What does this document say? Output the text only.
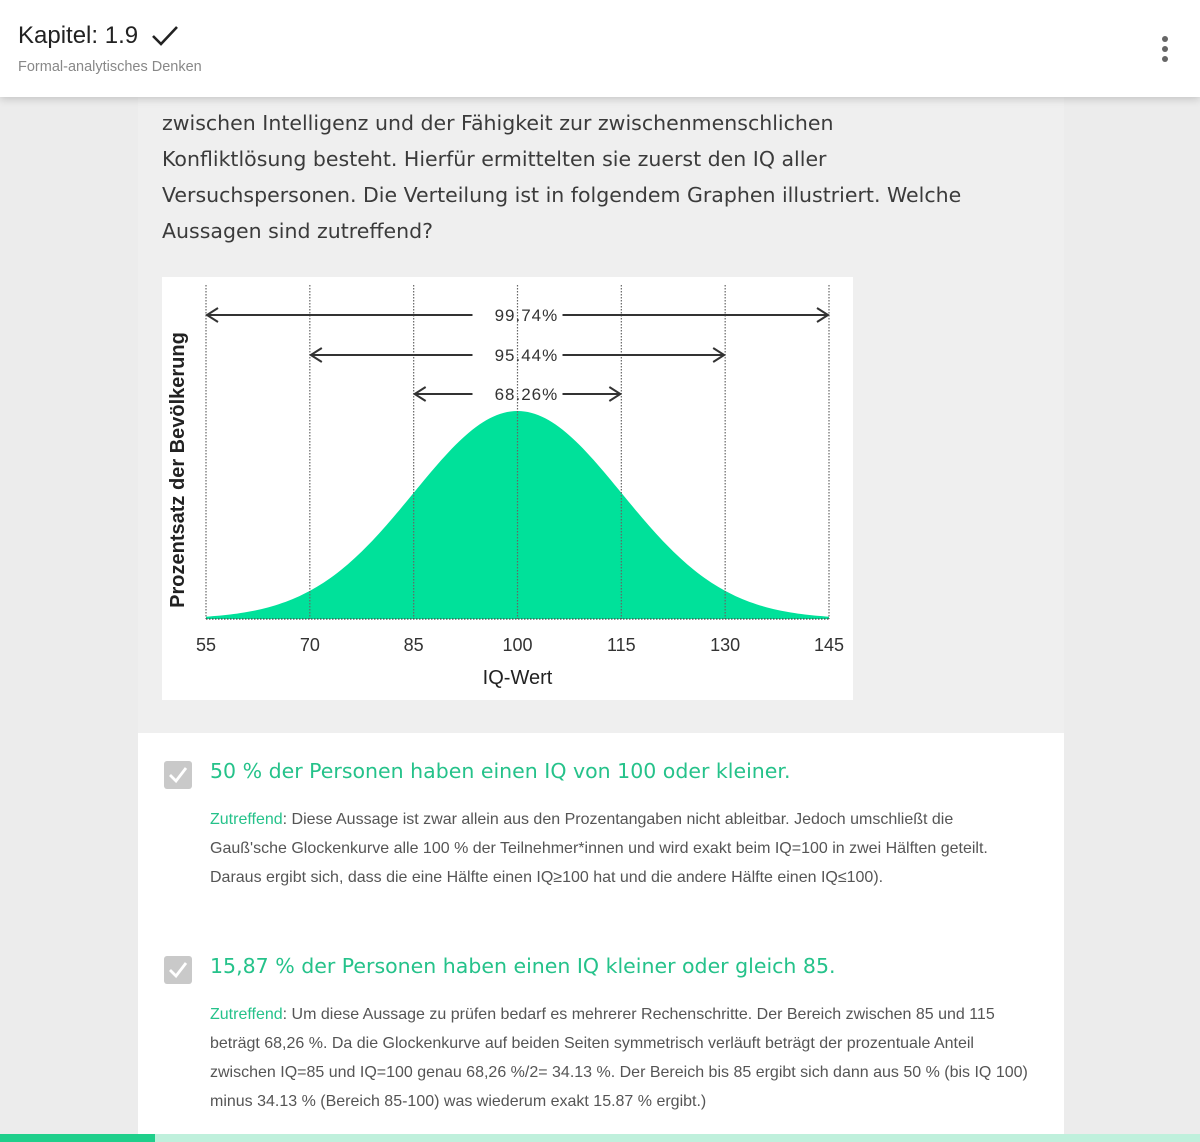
Kapitel: 1.9
Formal-analytisches Denken

zwischen Intelligenz und der Fähigkeit zur zwischenmenschlichen

Konfliktlösung besteht. Hierfür ermittelten sie zuerst den IQ aller

Versuchspersonen. Die Verteilung ist in folgendem Graphen illustriert. Welche

Aussagen sind zutreffend?

55	70	85	100	115	130	145
IQ-Wert
Prozentsatz der Bevölkerung
99 .74%
95 .44%
68 .26%
50 % der Personen haben einen IQ von 100 oder kleiner.
Zutreffend: Diese Aussage ist zwar allein aus den Prozentangaben nicht ableitbar. Jedoch umschließt die Gauß'sche Glockenkurve alle 100 % der Teilnehmer*innen und wird exakt beim IQ=100 in zwei Hälften geteilt. Daraus ergibt sich, dass die eine Hälfte einen IQ≥100 hat und die andere Hälfte einen IQ≤100).
15,87 % der Personen haben einen IQ kleiner oder gleich 85.
Zutreffend: Um diese Aussage zu prüfen bedarf es mehrerer Rechenschritte. Der Bereich zwischen 85 und 115 beträgt 68,26 %. Da die Glockenkurve auf beiden Seiten symmetrisch verläuft beträgt der prozentuale Anteil zwischen IQ=85 und IQ=100 genau 68,26 %/2= 34.13 %. Der Bereich bis 85 ergibt sich dann aus 50 % (bis IQ 100) minus 34.13 % (Bereich 85-100) was wiederum exakt 15.87 % ergibt.)
